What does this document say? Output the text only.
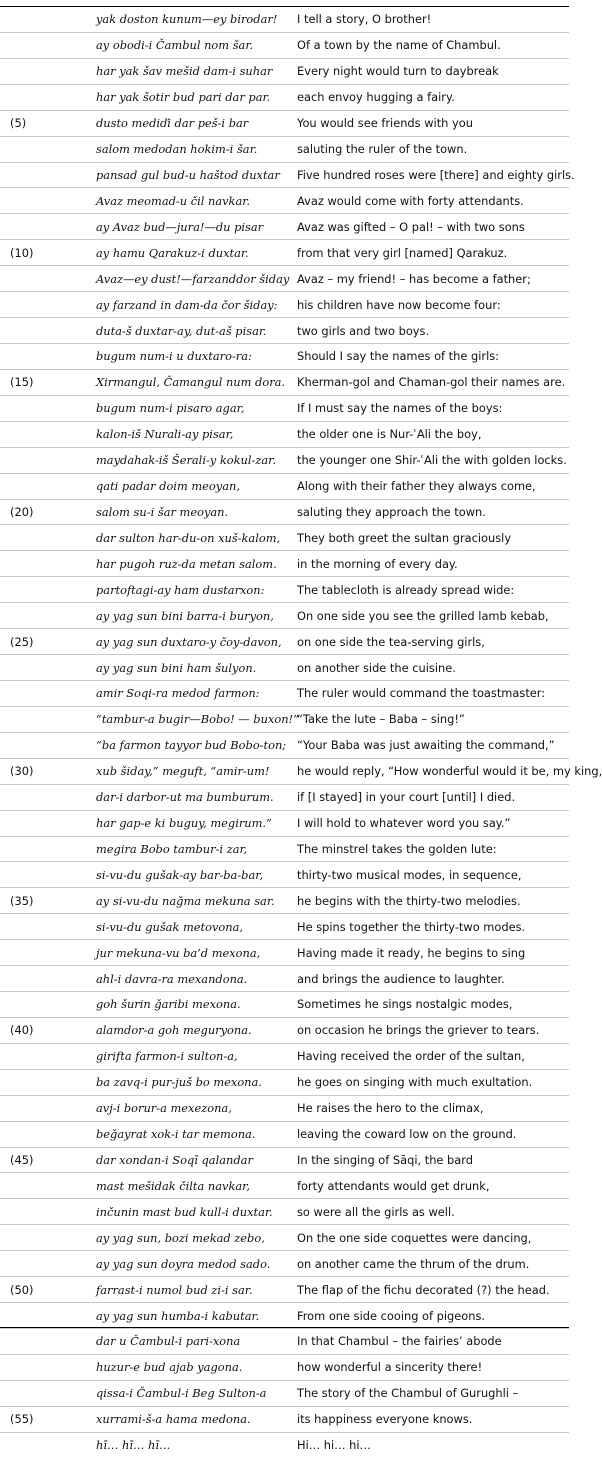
	yak doston kunum—ey birodar!	I tell a story, O brother!
	ay obodi-i Čambul nom šar.	Of a town by the name of Chambul.
	har yak šav mešid dam-i suhar	Every night would turn to daybreak
	har yak šotir bud pari dar par.	each envoy hugging a fairy.
(5)	dusto mediďi dar peš-i bar	You would see friends with you
	salom medodan hokim-i šar.	saluting the ruler of the town.
	pansad gul bud-u haštod duxtar	Five hundred roses were [there] and eighty girls.
	Avaz meomad-u čil navkar.	Avaz would come with forty attendants.
	ay Avaz bud—jura!—du pisar	Avaz was gifted – O pal! – with two sons
(10)	ay hamu Qarakuz-i duxtar.	from that very girl [named] Qarakuz.
	Avaz—ey dust!—farzanddor šiday	Avaz – my friend! – has become a father;
	ay farzand in dam-da čor šiday:	his children have now become four:
	duta-š duxtar-ay, dut-aš pisar.	two girls and two boys.
	bugum num-i u duxtaro-ra:	Should I say the names of the girls:
(15)	Xirmangul, Čamangul num dora.	Kherman-gol and Chaman-gol their names are.
	bugum num-i pisaro agar,	If I must say the names of the boys:
	kalon-iš Nurali-ay pisar,	the older one is Nur-ʿAli the boy,
	maydahak-iš Šerali-y kokul-zar.	the younger one Shir-ʿAli the with golden locks.
	qati padar doim meoyan,	Along with their father they always come,
(20)	salom su-i šar meoyan.	saluting they approach the town.
	dar sulton har-du-on xuš-kalom,	They both greet the sultan graciously
	har pugoh ruz-da metan salom.	in the morning of every day.
	partoftagi-ay ham dustarxon:	The tablecloth is already spread wide:
	ay yag sun bini barra-i buryon,	On one side you see the grilled lamb kebab,
(25)	ay yag sun duxtaro-y čoy-davon,	on one side the tea-serving girls,
	ay yag sun bini ham šulyon.	on another side the cuisine.
	amir Soqi-ra medod farmon:	The ruler would command the toastmaster:
	“tambur-a bugir—Bobo! — buxon!”	“Take the lute – Baba – sing!”
	“ba farmon tayyor bud Bobo-ton;	“Your Baba was just awaiting the command,”
(30)	xub šiday,” meguft, “amir-um!	he would reply, “How wonderful would it be, my king,
	dar-i darbor-ut ma bumburum.	if [I stayed] in your court [until] I died.
	har gap-e ki buguy, megirum.”	I will hold to whatever word you say.”
	megira Bobo tambur-i zar,	The minstrel takes the golden lute:
	si-vu-du gušak-ay bar-ba-bar,	thirty-two musical modes, in sequence,
(35)	ay si-vu-du naǧma mekuna sar.	he begins with the thirty-two melodies.
	si-vu-du gušak metovona,	He spins together the thirty-two modes.
	jur mekuna-vu ba’d mexona,	Having made it ready, he begins to sing
	ahl-i davra-ra mexandona.	and brings the audience to laughter.
	goh šurin ǧaribi mexona.	Sometimes he sings nostalgic modes,
(40)	alamdor-a goh meguryona.	on occasion he brings the griever to tears.
	girifta farmon-i sulton-a,	Having received the order of the sultan,
	ba zavq-i pur-juš bo mexona.	he goes on singing with much exultation.
	avj-i borur-a mexezona,	He raises the hero to the climax,
	beǧayrat xok-i tar memona.	leaving the coward low on the ground.
(45)	dar xondan-i Soqī qalandar	In the singing of Sāqi, the bard
	mast mešidak čilta navkar,	forty attendants would get drunk,
	inčunin mast bud kull-i duxtar.	so were all the girls as well.
	ay yag sun, bozi mekad zebo,	On the one side coquettes were dancing,
	ay yag sun doyra medod sado.	on another came the thrum of the drum.
(50)	farrast-i numol bud zi-i sar.	The flap of the fichu decorated (?) the head.
	ay yag sun humba-i kabutar.	From one side cooing of pigeons.
	dar u Čambul-i pari-xona	In that Chambul – the fairies’ abode
	huzur-e bud ajab yagona.	how wonderful a sincerity there!
	qissa-i Čambul-i Beg Sulton-a	The story of the Chambul of Gurughli –
(55)	xurrami-š-a hama medona.	its happiness everyone knows.
	hī… hī… hī…	Hi… hi… hi…
